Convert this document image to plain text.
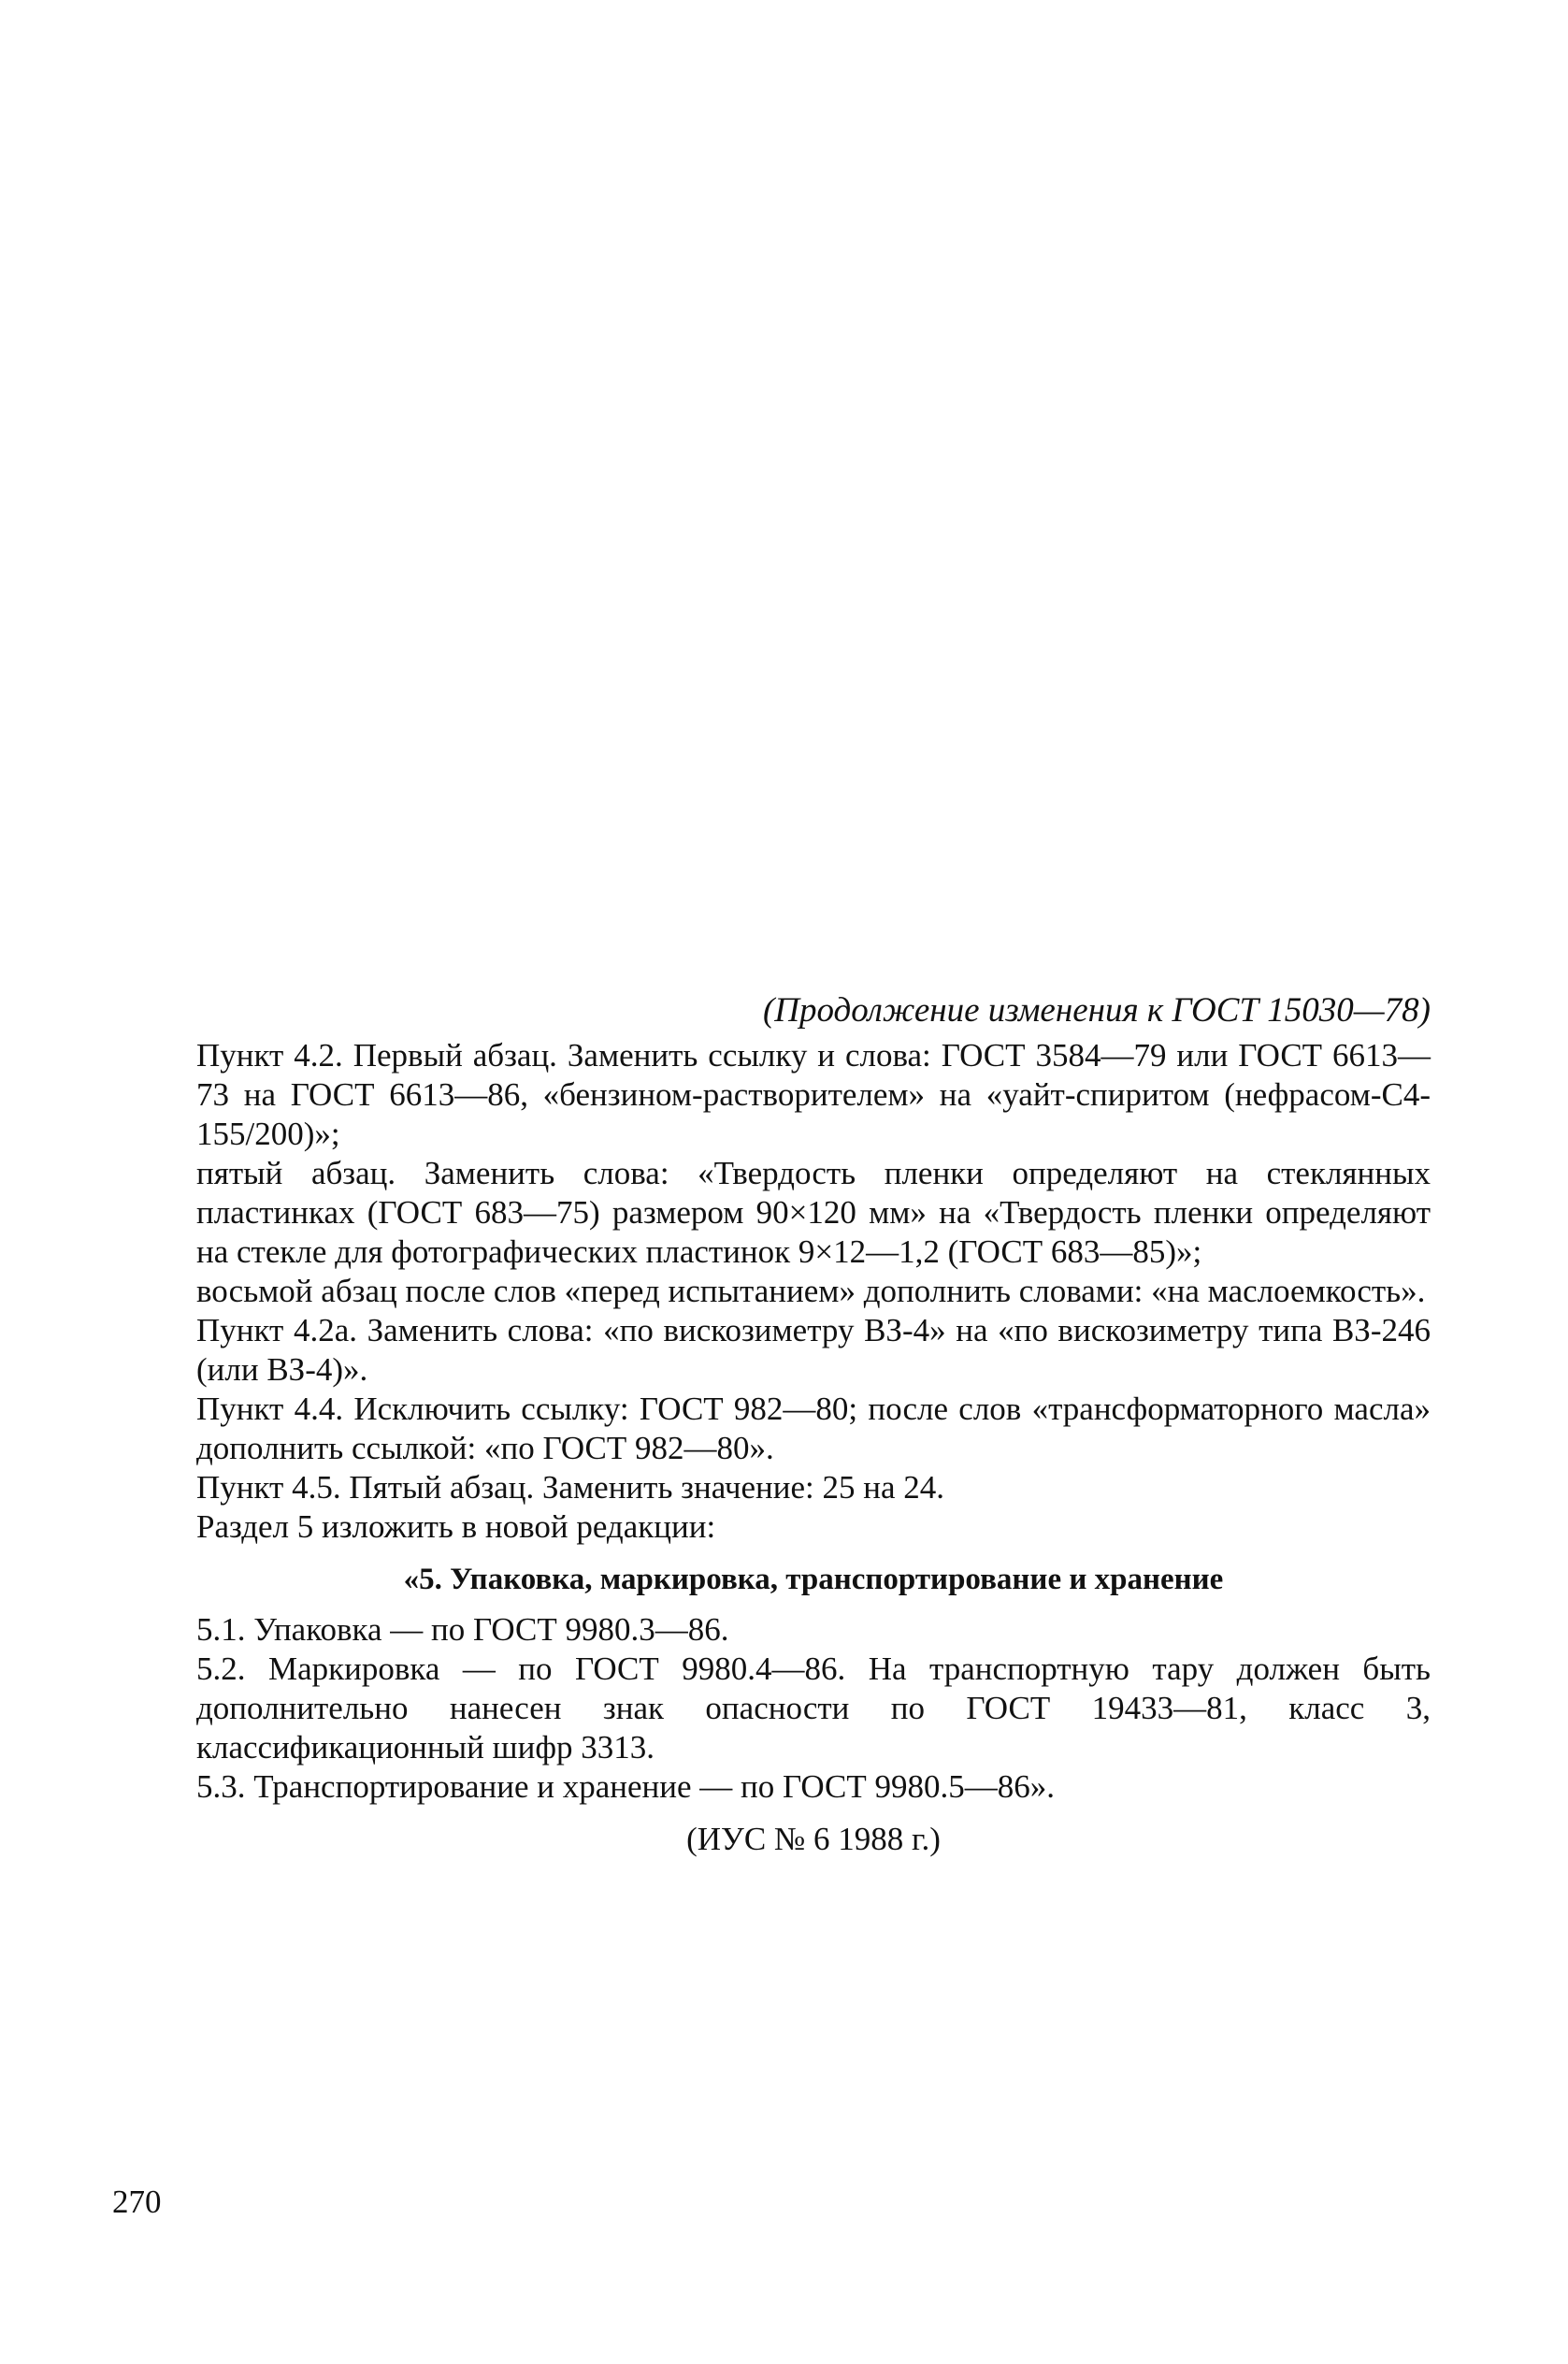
(Продолжение изменения к ГОСТ 15030—78)

Пункт 4.2. Первый абзац. Заменить ссылку и слова: ГОСТ 3584—79 или ГОСТ 6613—73 на ГОСТ 6613—86, «бензином-растворителем» на «уайт-спиритом (нефрасом-С4-155/200)»;

пятый абзац. Заменить слова: «Твердость пленки определяют на стеклянных пластинках (ГОСТ 683—75) размером 90×120 мм» на «Твердость пленки определяют на стекле для фотографических пластинок 9×12—1,2 (ГОСТ 683—85)»;

восьмой абзац после слов «перед испытанием» дополнить словами: «на маслоемкость».

Пункт 4.2а. Заменить слова: «по вискозиметру ВЗ-4» на «по вискозиметру типа ВЗ-246 (или ВЗ-4)».

Пункт 4.4. Исключить ссылку: ГОСТ 982—80; после слов «трансформаторного масла» дополнить ссылкой: «по ГОСТ 982—80».

Пункт 4.5. Пятый абзац. Заменить значение: 25 на 24.

Раздел 5 изложить в новой редакции:

«5. Упаковка, маркировка, транспортирование и хранение

5.1. Упаковка — по ГОСТ 9980.3—86.

5.2. Маркировка — по ГОСТ 9980.4—86. На транспортную тару должен быть дополнительно нанесен знак опасности по ГОСТ 19433—81, класс 3, классификационный шифр 3313.

5.3. Транспортирование и хранение — по ГОСТ 9980.5—86».

(ИУС № 6 1988 г.)

270
